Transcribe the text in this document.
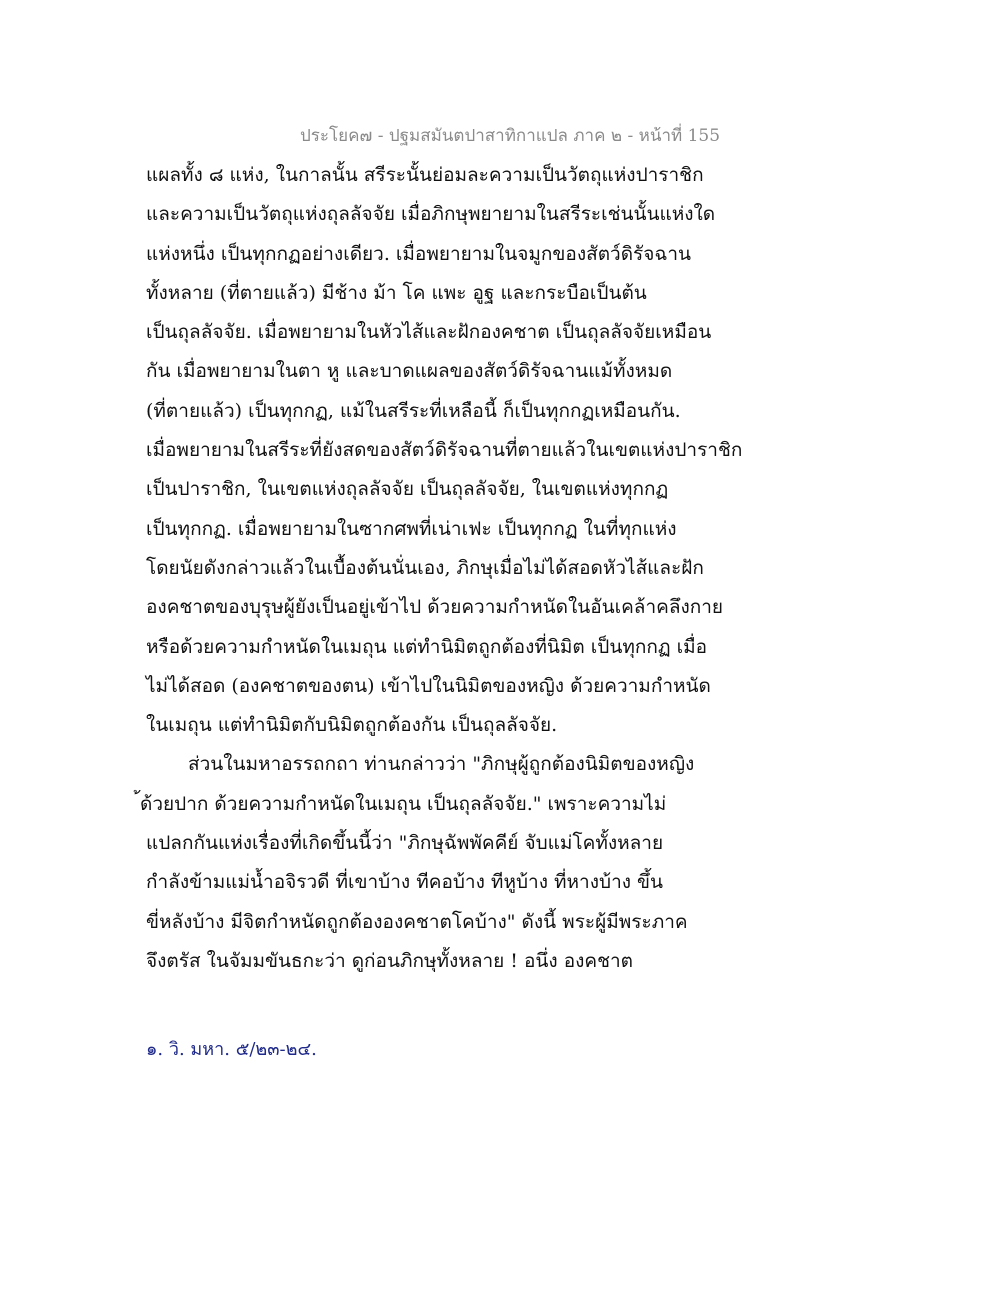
ประโยค๗ - ปฐมสมันตปาสาทิกาแปล ภาค ๒ - หน้าที่ 155
แผลทั้ง ๘ แห่ง, ในกาลนั้น สรีระนั้นย่อมละความเป็นวัตถุแห่งปาราชิก
และความเป็นวัตถุแห่งถุลลัจจัย เมื่อภิกษุพยายามในสรีระเช่นนั้นแห่งใด
แห่งหนึ่ง เป็นทุกกฏอย่างเดียว. เมื่อพยายามในจมูกของสัตว์ดิรัจฉาน
ทั้งหลาย (ที่ตายแล้ว) มีช้าง ม้า โค แพะ อูฐ และกระบือเป็นต้น
เป็นถุลลัจจัย. เมื่อพยายามในหัวไส้และฝักองคชาต เป็นถุลลัจจัยเหมือน
กัน เมื่อพยายามในตา หู และบาดแผลของสัตว์ดิรัจฉานแม้ทั้งหมด
(ที่ตายแล้ว) เป็นทุกกฏ, แม้ในสรีระที่เหลือนี้ ก็เป็นทุกกฏเหมือนกัน.
เมื่อพยายามในสรีระที่ยังสดของสัตว์ดิรัจฉานที่ตายแล้วในเขตแห่งปาราชิก
เป็นปาราชิก, ในเขตแห่งถุลลัจจัย เป็นถุลลัจจัย, ในเขตแห่งทุกกฏ
เป็นทุกกฏ. เมื่อพยายามในซากศพที่เน่าเฟะ เป็นทุกกฏ ในที่ทุกแห่ง
โดยนัยดังกล่าวแล้วในเบื้องต้นนั่นเอง, ภิกษุเมื่อไม่ได้สอดหัวไส้และฝัก
องคชาตของบุรุษผู้ยังเป็นอยู่เข้าไป ด้วยความกำหนัดในอันเคล้าคลึงกาย
หรือด้วยความกำหนัดในเมถุน แต่ทำนิมิตถูกต้องที่นิมิต เป็นทุกกฏ เมื่อ
ไม่ได้สอด (องคชาตของตน) เข้าไปในนิมิตของหญิง ด้วยความกำหนัด
ในเมถุน แต่ทำนิมิตกับนิมิตถูกต้องกัน เป็นถุลลัจจัย.
ส่วนในมหาอรรถกถา ท่านกล่าวว่า "ภิกษุผู้ถูกต้องนิมิตของหญิง
้ด้วยปาก ด้วยความกำหนัดในเมถุน เป็นถุลลัจจัย." เพราะความไม่
แปลกกันแห่งเรื่องที่เกิดขึ้นนี้ว่า "ภิกษุฉัพพัคคีย์ จับแม่โคทั้งหลาย
กำลังข้ามแม่น้ำอจิรวดี ที่เขาบ้าง ทีคอบ้าง ทีหูบ้าง ที่หางบ้าง ขึ้น
ขี่หลังบ้าง มีจิตกำหนัดถูกต้ององคชาตโคบ้าง" ดังนี้ พระผู้มีพระภาค
จึงตรัส ในจัมมขันธกะว่า ดูก่อนภิกษุทั้งหลาย ! อนึ่ง องคชาต
๑. วิ. มหา. ๕/๒๓-๒๔.
